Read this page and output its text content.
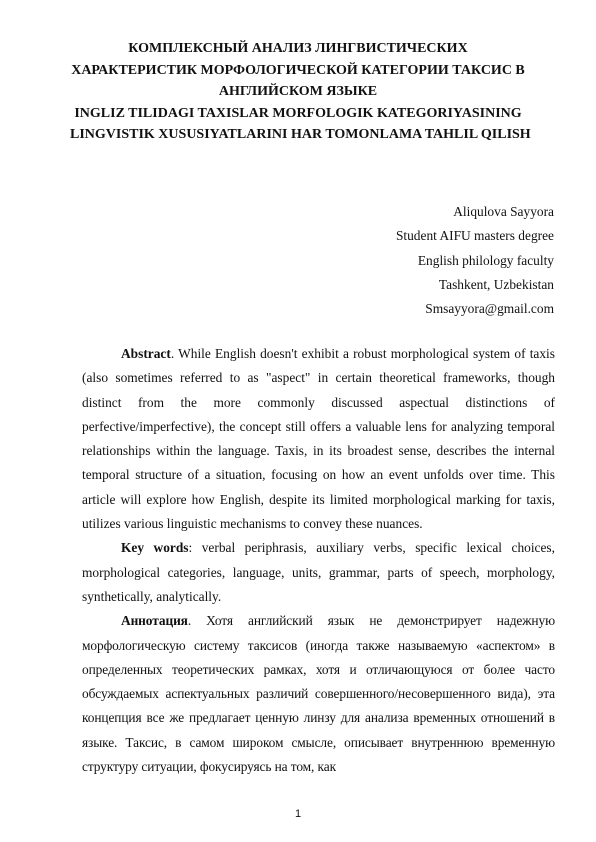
КОМПЛЕКСНЫЙ АНАЛИЗ ЛИНГВИСТИЧЕСКИХ
ХАРАКТЕРИСТИК МОРФОЛОГИЧЕСКОЙ КАТЕГОРИИ ТАКСИС В
АНГЛИЙСКОМ ЯЗЫКЕ
INGLIZ TILIDAGI TAXISLAR MORFOLOGIK KATEGORIYASINING
LINGVISTIK XUSUSIYATLARINI HAR TOMONLAMA TAHLIL QILISH
Aliqulova Sayyora
Student AIFU masters degree
English philology faculty
Tashkent, Uzbekistan
Smsayyora@gmail.com

Abstract. While English doesn't exhibit a robust morphological system of taxis (also sometimes referred to as "aspect" in certain theoretical frameworks, though distinct from the more commonly discussed aspectual distinctions of perfective/imperfective), the concept still offers a valuable lens for analyzing temporal relationships within the language. Taxis, in its broadest sense, describes the internal temporal structure of a situation, focusing on how an event unfolds over time. This article will explore how English, despite its limited morphological marking for taxis, utilizes various linguistic mechanisms to convey these nuances.

Key words: verbal periphrasis, auxiliary verbs, specific lexical choices, morphological categories, language, units, grammar, parts of speech, morphology, synthetically, analytically.

Аннотация. Хотя английский язык не демонстрирует надежную морфологическую систему таксисов (иногда также называемую «аспектом» в определенных теоретических рамках, хотя и отличающуюся от более часто обсуждаемых аспектуальных различий совершенного/несовершенного вида), эта концепция все же предлагает ценную линзу для анализа временных отношений в языке. Таксис, в самом широком смысле, описывает внутреннюю временную структуру ситуации, фокусируясь на том, как

1
